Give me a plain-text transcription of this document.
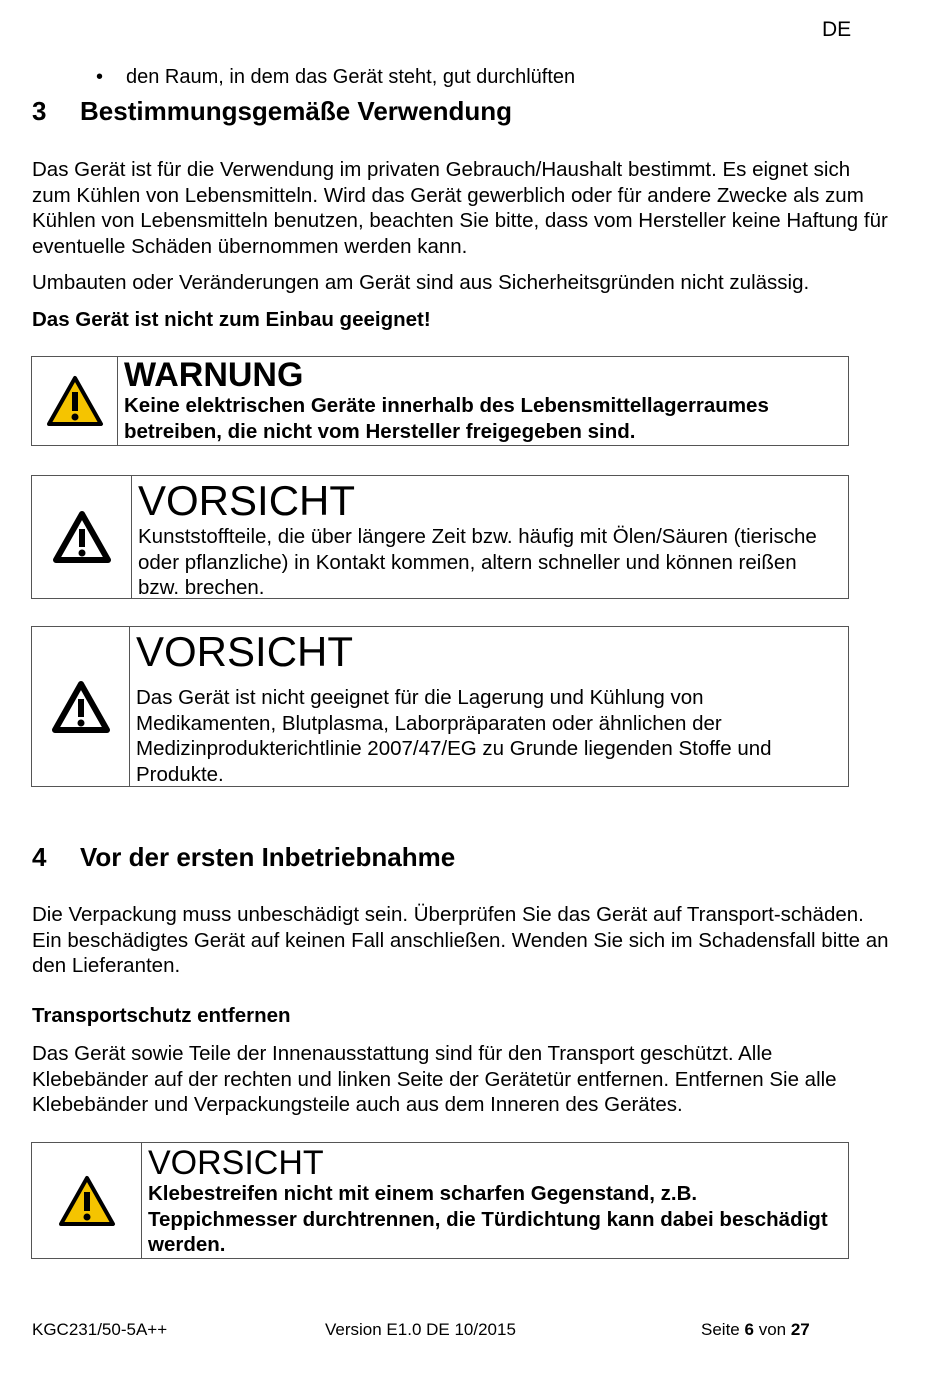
DE
• den Raum, in dem das Gerät steht, gut durchlüften
3 Bestimmungsgemäße Verwendung

Das Gerät ist für die Verwendung im privaten Gebrauch/Haushalt bestimmt. Es eignet sich zum Kühlen von Lebensmitteln. Wird das Gerät gewerblich oder für andere Zwecke als zum Kühlen von Lebensmitteln benutzen, beachten Sie bitte, dass vom Hersteller keine Haftung für eventuelle Schäden übernommen werden kann.

Umbauten oder Veränderungen am Gerät sind aus Sicherheitsgründen nicht zulässig.

Das Gerät ist nicht zum Einbau geeignet!

WARNUNG
Keine elektrischen Geräte innerhalb des Lebensmittellagerraumes betreiben, die nicht vom Hersteller freigegeben sind.
VORSICHT
Kunststoffteile, die über längere Zeit bzw. häufig mit Ölen/Säuren (tierische oder pflanzliche) in Kontakt kommen, altern schneller und können reißen bzw. brechen.
VORSICHT
Das Gerät ist nicht geeignet für die Lagerung und Kühlung von Medikamenten, Blutplasma, Laborpräparaten oder ähnlichen der Medizinprodukterichtlinie 2007/47/EG zu Grunde liegenden Stoffe und Produkte.
4 Vor der ersten Inbetriebnahme

Die Verpackung muss unbeschädigt sein. Überprüfen Sie das Gerät auf Transport-schäden. Ein beschädigtes Gerät auf keinen Fall anschließen. Wenden Sie sich im Schadensfall bitte an den Lieferanten.

Transportschutz entfernen

Das Gerät sowie Teile der Innenausstattung sind für den Transport geschützt. Alle Klebebänder auf der rechten und linken Seite der Gerätetür entfernen. Entfernen Sie alle Klebebänder und Verpackungsteile auch aus dem Inneren des Gerätes.

VORSICHT
Klebestreifen nicht mit einem scharfen Gegenstand, z.B. Teppichmesser durchtrennen, die Türdichtung kann dabei beschädigt werden.
KGC231/50-5A++	Version E1.0 DE 10/2015	Seite 6 von 27
